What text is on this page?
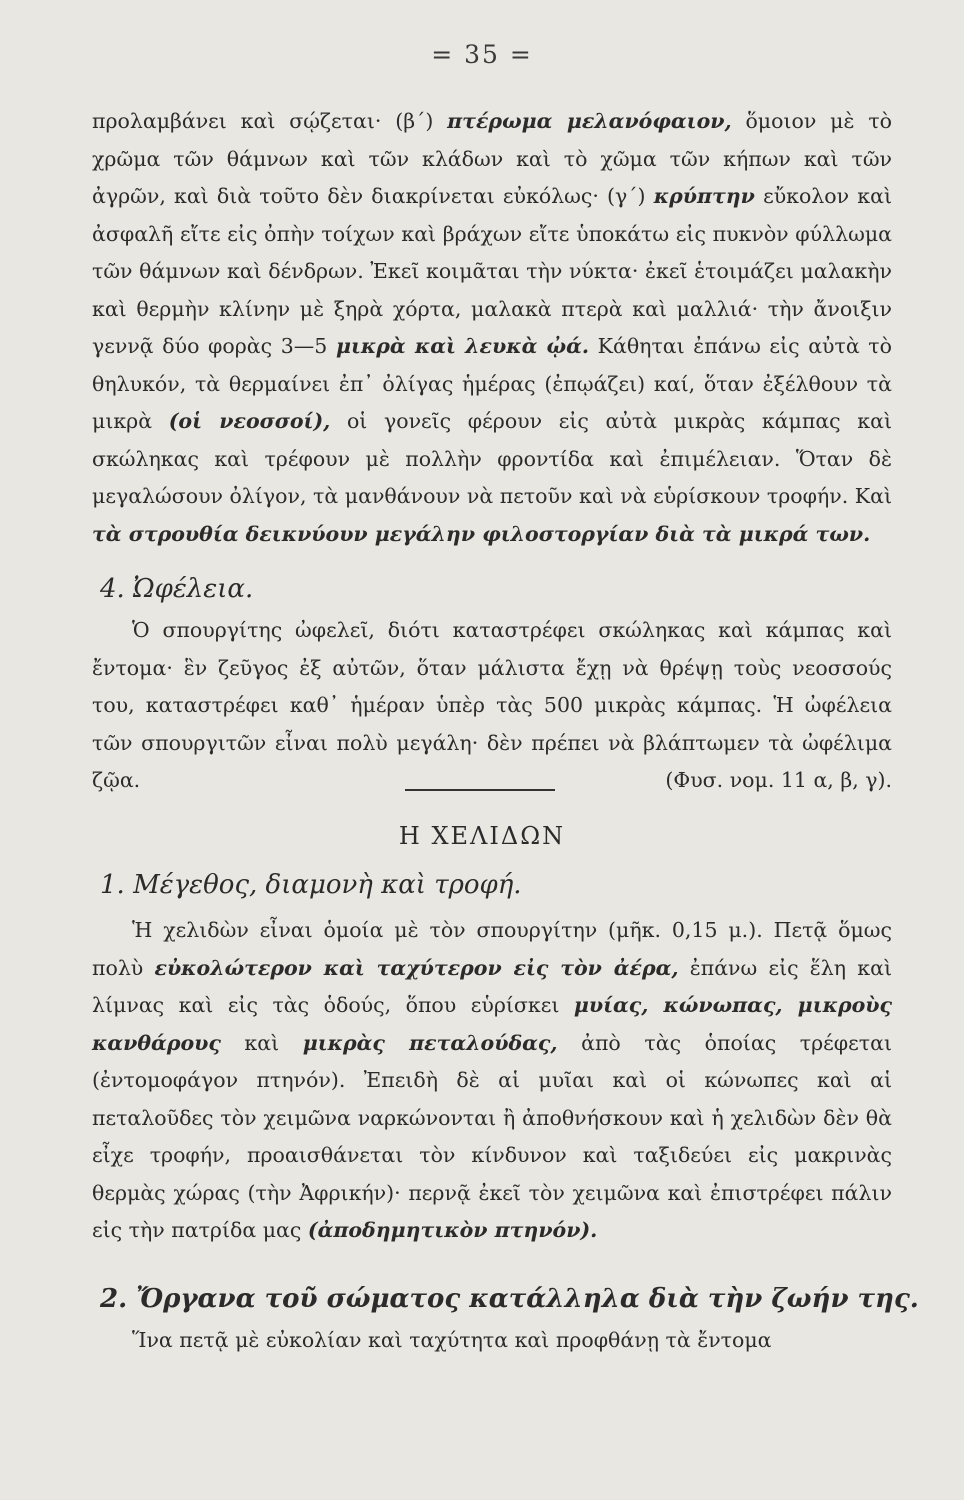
= 35 =

προλαμβάνει καὶ σῴζεται· (β΄) πτέρωμα μελανόφαιον, ὅμοιον μὲ τὸ χρῶμα τῶν θάμνων καὶ τῶν κλάδων καὶ τὸ χῶμα τῶν κήπων καὶ τῶν ἀγρῶν, καὶ διὰ τοῦτο δὲν διακρίνεται εὐκόλως· (γ΄) κρύπτην εὔκολον καὶ ἀσφαλῆ εἴτε εἰς ὀπὴν τοίχων καὶ βράχων εἴτε ὑποκάτω εἰς πυκνὸν φύλλωμα τῶν θάμνων καὶ δένδρων. Ἐκεῖ κοιμᾶται τὴν νύκτα· ἐκεῖ ἑτοιμάζει μαλακὴν καὶ θερμὴν κλίνην μὲ ξηρὰ χόρτα, μαλακὰ πτερὰ καὶ μαλλιά· τὴν ἄνοιξιν γεννᾷ δύο φορὰς 3—5 μικρὰ καὶ λευκὰ ᾠά. Κάθηται ἐπάνω εἰς αὐτὰ τὸ θηλυκόν, τὰ θερμαίνει ἐπ᾽ ὀλίγας ἡμέρας (ἐπῳάζει) καί, ὅταν ἐξέλθουν τὰ μικρὰ (οἱ νεοσσοί), οἱ γονεῖς φέρουν εἰς αὐτὰ μικρὰς κάμπας καὶ σκώληκας καὶ τρέφουν μὲ πολλὴν φροντίδα καὶ ἐπιμέλειαν. Ὅταν δὲ μεγαλώσουν ὀλίγον, τὰ μανθάνουν νὰ πετοῦν καὶ νὰ εὑρίσκουν τροφήν. Καὶ τὰ στρουθία δεικνύουν μεγάλην φιλοστοργίαν διὰ τὰ μικρά των.

4. Ὠφέλεια.

Ὁ σπουργίτης ὠφελεῖ, διότι καταστρέφει σκώληκας καὶ κάμπας καὶ ἔντομα· ἓν ζεῦγος ἐξ αὐτῶν, ὅταν μάλιστα ἔχῃ νὰ θρέψῃ τοὺς νεοσσούς του, καταστρέφει καθ᾽ ἡμέραν ὑπὲρ τὰς 500 μικρὰς κάμπας. Ἡ ὠφέλεια τῶν σπουργιτῶν εἶναι πολὺ μεγάλη· δὲν πρέπει νὰ βλάπτωμεν τὰ ὠφέλιμα ζῷα.	(Φυσ. νομ. 11 α, β, γ).

Η ΧΕΛΙΔΩΝ
1. Μέγεθος, διαμονὴ καὶ τροφή.

Ἡ χελιδὼν εἶναι ὁμοία μὲ τὸν σπουργίτην (μῆκ. 0,15 μ.). Πετᾷ ὅμως πολὺ εὐκολώτερον καὶ ταχύτερον εἰς τὸν ἀέρα, ἐπάνω εἰς ἕλη καὶ λίμνας καὶ εἰς τὰς ὁδούς, ὅπου εὑρίσκει μυίας, κώνωπας, μικροὺς κανθάρους καὶ μικρὰς πεταλούδας, ἀπὸ τὰς ὁποίας τρέφεται (ἐντομοφάγον πτηνόν). Ἐπειδὴ δὲ αἱ μυῖαι καὶ οἱ κώνωπες καὶ αἱ πεταλοῦδες τὸν χειμῶνα ναρκώνονται ἢ ἀποθνήσκουν καὶ ἡ χελιδὼν δὲν θὰ εἶχε τροφήν, προαισθάνεται τὸν κίνδυνον καὶ ταξιδεύει εἰς μακρινὰς θερμὰς χώρας (τὴν Ἀφρικήν)· περνᾷ ἐκεῖ τὸν χειμῶνα καὶ ἐπιστρέφει πάλιν εἰς τὴν πατρίδα μας (ἀποδημητικὸν πτηνόν).

2. Ὄργανα τοῦ σώματος κατάλληλα διὰ τὴν ζωήν της.

Ἵνα πετᾷ μὲ εὐκολίαν καὶ ταχύτητα καὶ προφθάνῃ τὰ ἔντομα
